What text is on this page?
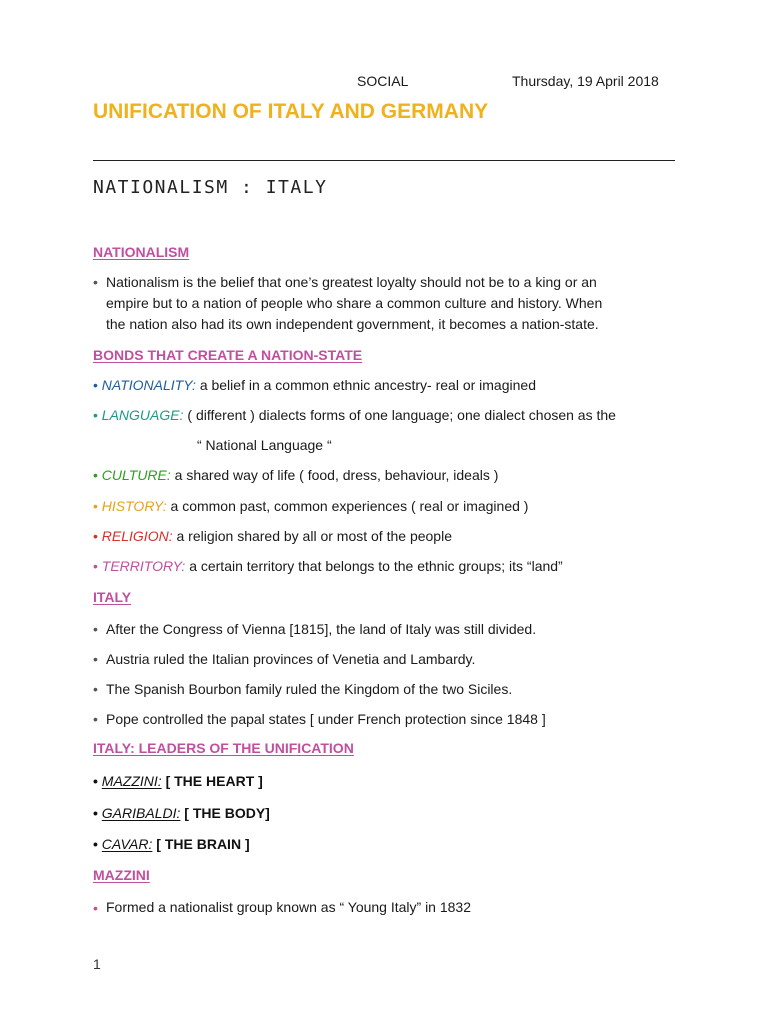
SOCIAL	Thursday, 19 April 2018
UNIFICATION OF ITALY AND GERMANY
NATIONALISM : ITALY
NATIONALISM
• Nationalism is the belief that one’s greatest loyalty should not be to a king or an
empire but to a nation of people who share a common culture and history. When
the nation also had its own independent government, it becomes a nation-state.
BONDS THAT CREATE A NATION-STATE
• NATIONALITY: a belief in a common ethnic ancestry- real or imagined
• LANGUAGE: ( different ) dialects forms of one language; one dialect chosen as the
“ National Language “
• CULTURE: a shared way of life ( food, dress, behaviour, ideals )
• HISTORY: a common past, common experiences ( real or imagined )
• RELIGION: a religion shared by all or most of the people
• TERRITORY: a certain territory that belongs to the ethnic groups; its “land”
ITALY
• After the Congress of Vienna [1815], the land of Italy was still divided.
• Austria ruled the Italian provinces of Venetia and Lambardy.
• The Spanish Bourbon family ruled the Kingdom of the two Siciles.
• Pope controlled the papal states [ under French protection since 1848 ]
ITALY: LEADERS OF THE UNIFICATION
• MAZZINI: [ THE HEART ]
• GARIBALDI: [ THE BODY]
• CAVAR: [ THE BRAIN ]
MAZZINI
• Formed a nationalist group known as “ Young Italy” in 1832
1
